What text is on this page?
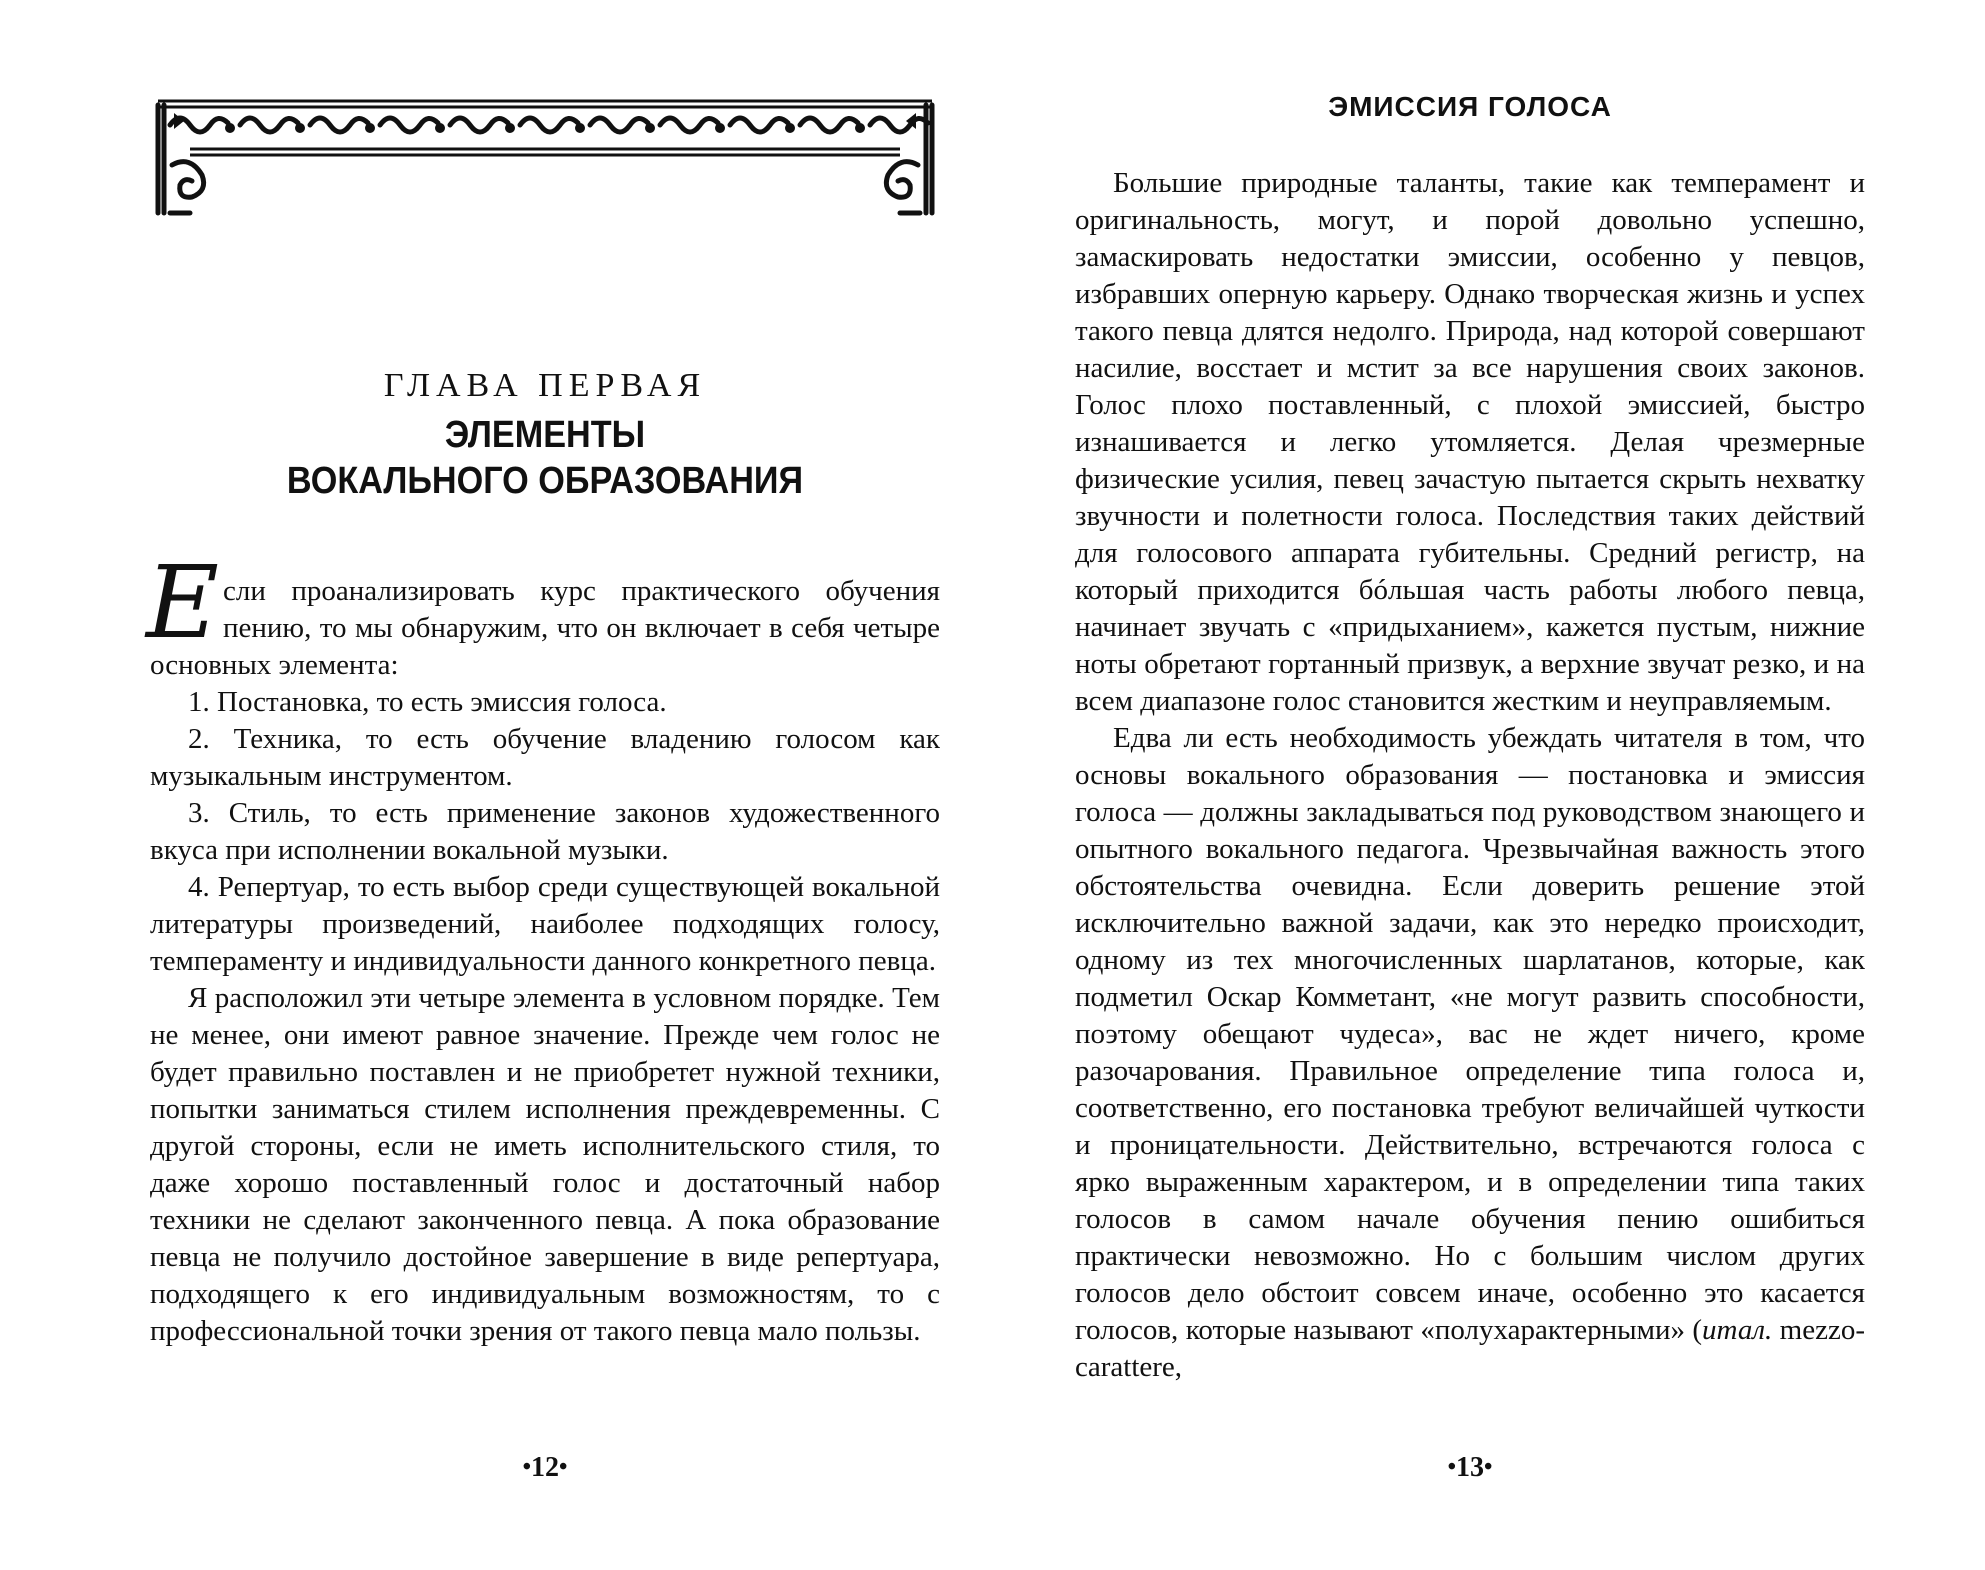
ГЛАВА ПЕРВАЯ
ЭЛЕМЕНТЫ
ВОКАЛЬНОГО ОБРАЗОВАНИЯ

Если проанализировать курс практического обучения пению, то мы обнаружим, что он включает в себя четыре основных элемента:

1. Постановка, то есть эмиссия голоса.

2. Техника, то есть обучение владению голосом как музыкальным инструментом.

3. Стиль, то есть применение законов художественного вкуса при исполнении вокальной музыки.

4. Репертуар, то есть выбор среди существующей вокальной литературы произведений, наиболее подходящих голосу, темпераменту и индивидуальности данного конкретного певца.

Я расположил эти четыре элемента в условном порядке. Тем не менее, они имеют равное значение. Прежде чем голос не будет правильно поставлен и не приобретет нужной техники, попытки заниматься стилем исполнения преждевременны. С другой стороны, если не иметь исполнительского стиля, то даже хорошо поставленный голос и достаточный набор техники не сделают законченного певца. А пока образование певца не получило достойное завершение в виде репертуара, подходящего к его индивидуальным возможностям, то с профессиональной точки зрения от такого певца мало пользы.

•12•
ЭМИССИЯ ГОЛОСА

Большие природные таланты, такие как темперамент и оригинальность, могут, и порой довольно успешно, замаскировать недостатки эмиссии, особенно у певцов, избравших оперную карьеру. Однако творческая жизнь и успех такого певца длятся недолго. Природа, над которой совершают насилие, восстает и мстит за все нарушения своих законов. Голос плохо поставленный, с плохой эмиссией, быстро изнашивается и легко утомляется. Делая чрезмерные физические усилия, певец зачастую пытается скрыть нехватку звучности и полетности голоса. Последствия таких действий для голосового аппарата губительны. Средний регистр, на который приходится бóльшая часть работы любого певца, начинает звучать с «придыханием», кажется пустым, нижние ноты обретают гортанный призвук, а верхние звучат резко, и на всем диапазоне голос становится жестким и неуправляемым.

Едва ли есть необходимость убеждать читателя в том, что основы вокального образования — постановка и эмиссия голоса — должны закладываться под руководством знающего и опытного вокального педагога. Чрезвычайная важность этого обстоятельства очевидна. Если доверить решение этой исключительно важной задачи, как это нередко происходит, одному из тех многочисленных шарлатанов, которые, как подметил Оскар Комметант, «не могут развить способности, поэтому обещают чудеса», вас не ждет ничего, кроме разочарования. Правильное определение типа голоса и, соответственно, его постановка требуют величайшей чуткости и проницательности. Действительно, встречаются голоса с ярко выраженным характером, и в определении типа таких голосов в самом начале обучения пению ошибиться практически невозможно. Но с большим числом других голосов дело обстоит совсем иначе, особенно это касается голосов, которые называют «полухарактерными» (итал. mezzo-carattere,

•13•
